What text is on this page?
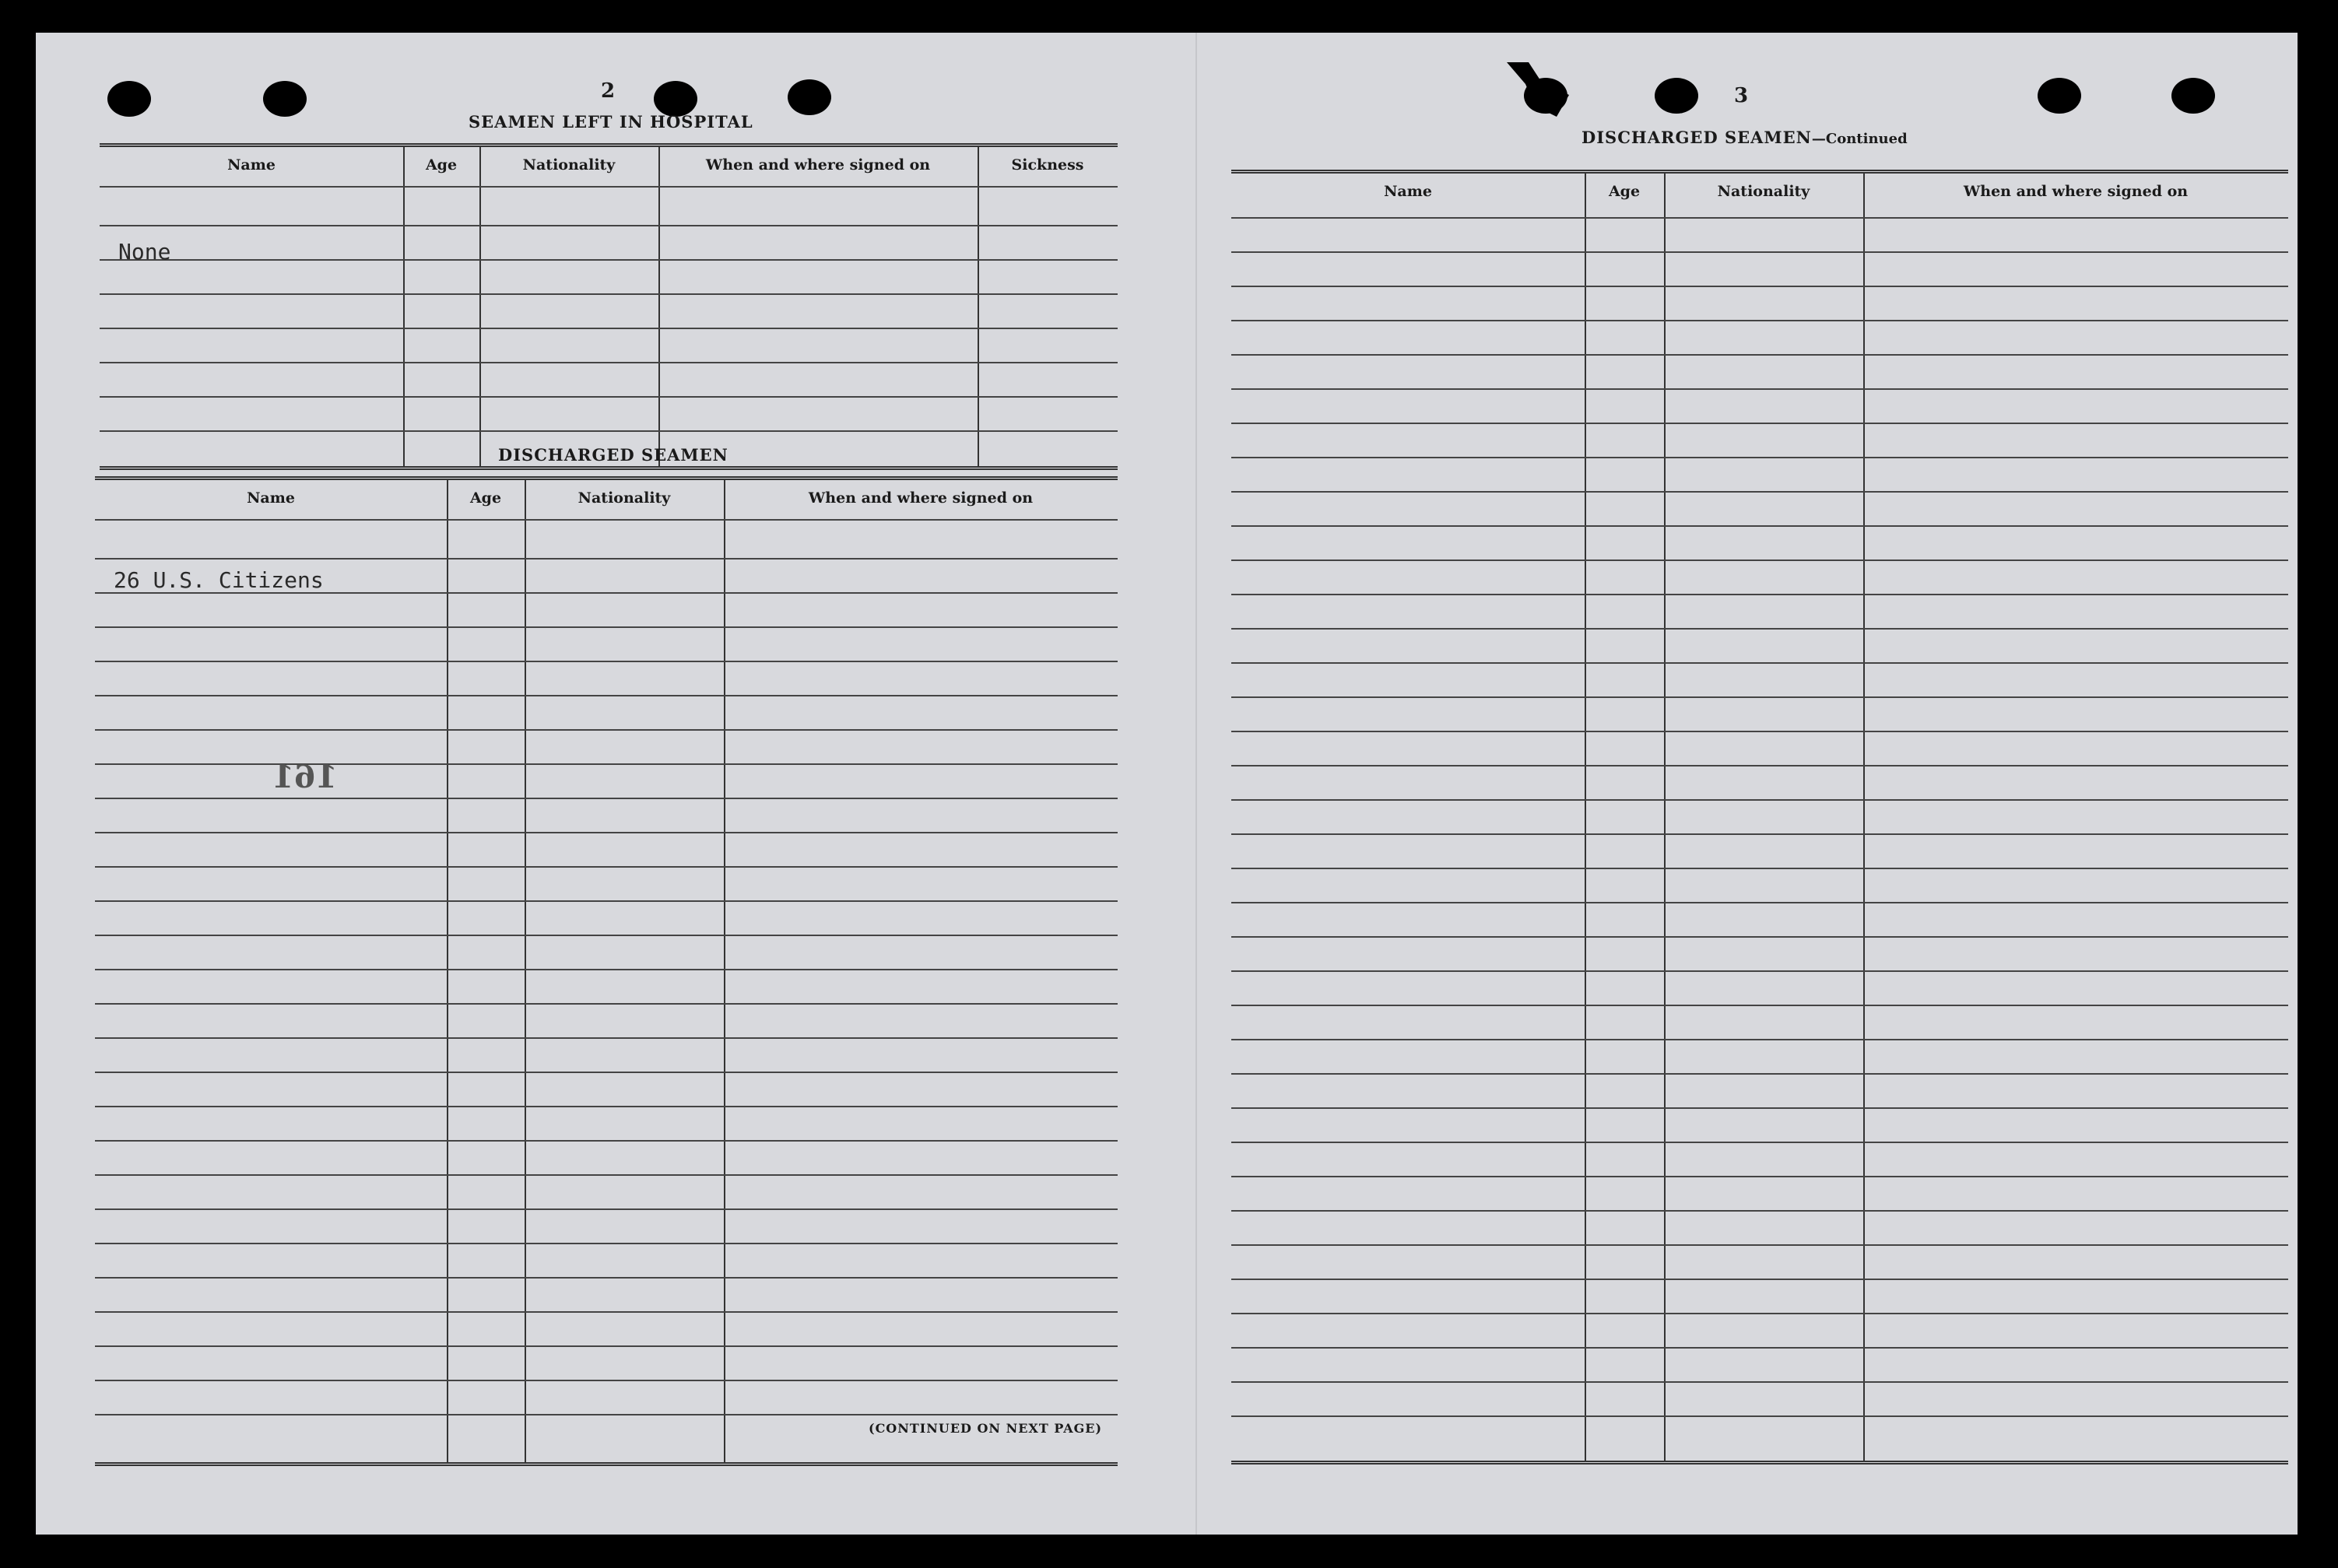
2
SEAMEN LEFT IN HOSPITAL
Name	Age	Nationality	When and where signed on	Sickness
None
DISCHARGED SEAMEN
Name	Age	Nationality	When and where signed on
26 U.S. Citizens
161
(CONTINUED ON NEXT PAGE)
3
DISCHARGED SEAMEN—Continued
Name	Age	Nationality	When and where signed on
